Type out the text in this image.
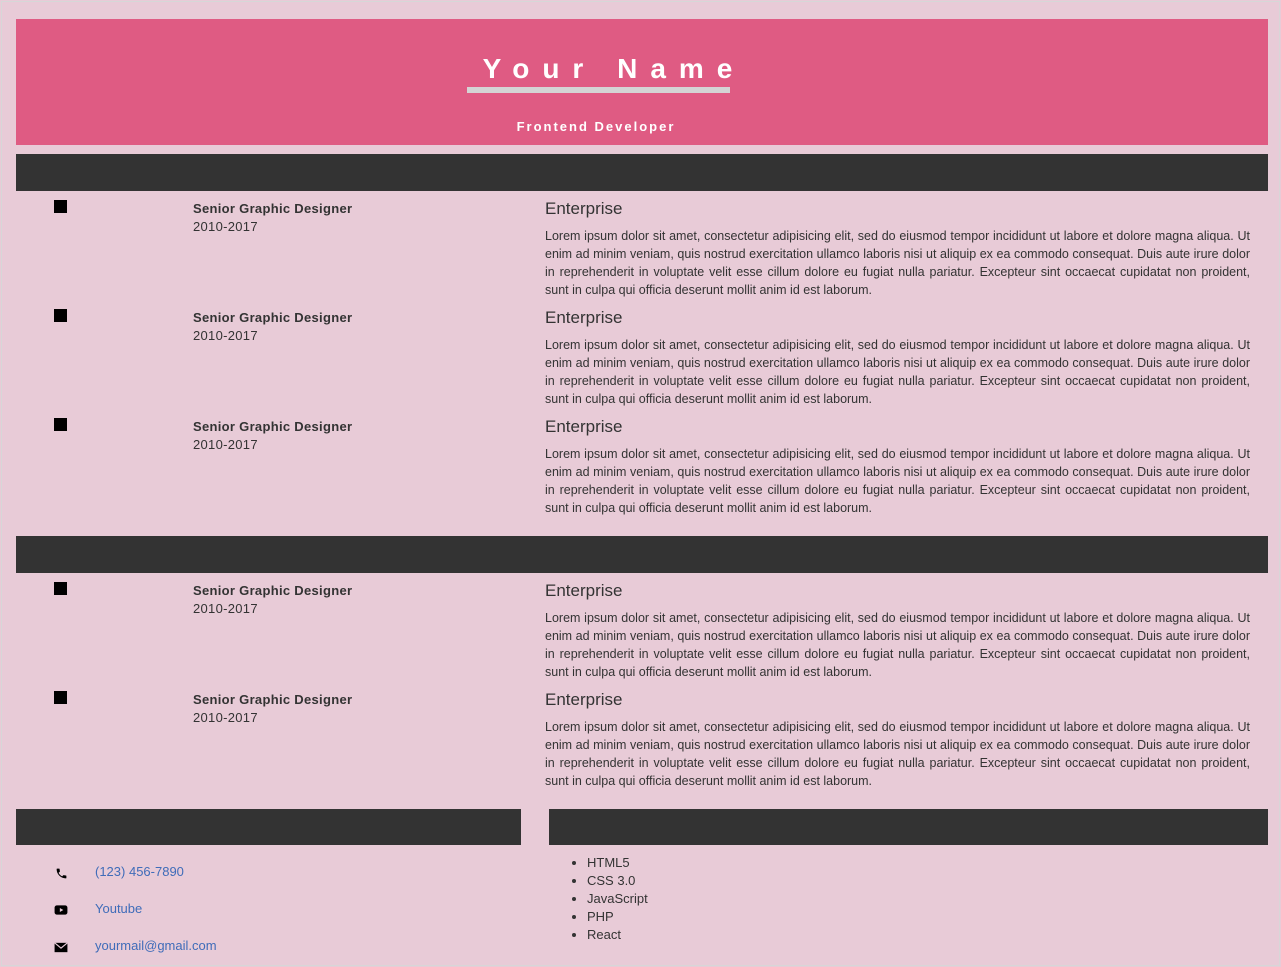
Your Name
Frontend Developer
Senior Graphic Designer
2010-2017
Enterprise
Lorem ipsum dolor sit amet, consectetur adipisicing elit, sed do eiusmod tempor incididunt ut labore et dolore magna aliqua. Ut enim ad minim veniam, quis nostrud exercitation ullamco laboris nisi ut aliquip ex ea commodo consequat. Duis aute irure dolor in reprehenderit in voluptate velit esse cillum dolore eu fugiat nulla pariatur. Excepteur sint occaecat cupidatat non proident, sunt in culpa qui officia deserunt mollit anim id est laborum.
Senior Graphic Designer
2010-2017
Enterprise
Lorem ipsum dolor sit amet, consectetur adipisicing elit, sed do eiusmod tempor incididunt ut labore et dolore magna aliqua. Ut enim ad minim veniam, quis nostrud exercitation ullamco laboris nisi ut aliquip ex ea commodo consequat. Duis aute irure dolor in reprehenderit in voluptate velit esse cillum dolore eu fugiat nulla pariatur. Excepteur sint occaecat cupidatat non proident, sunt in culpa qui officia deserunt mollit anim id est laborum.
Senior Graphic Designer
2010-2017
Enterprise
Lorem ipsum dolor sit amet, consectetur adipisicing elit, sed do eiusmod tempor incididunt ut labore et dolore magna aliqua. Ut enim ad minim veniam, quis nostrud exercitation ullamco laboris nisi ut aliquip ex ea commodo consequat. Duis aute irure dolor in reprehenderit in voluptate velit esse cillum dolore eu fugiat nulla pariatur. Excepteur sint occaecat cupidatat non proident, sunt in culpa qui officia deserunt mollit anim id est laborum.
Senior Graphic Designer
2010-2017
Enterprise
Lorem ipsum dolor sit amet, consectetur adipisicing elit, sed do eiusmod tempor incididunt ut labore et dolore magna aliqua. Ut enim ad minim veniam, quis nostrud exercitation ullamco laboris nisi ut aliquip ex ea commodo consequat. Duis aute irure dolor in reprehenderit in voluptate velit esse cillum dolore eu fugiat nulla pariatur. Excepteur sint occaecat cupidatat non proident, sunt in culpa qui officia deserunt mollit anim id est laborum.
Senior Graphic Designer
2010-2017
Enterprise
Lorem ipsum dolor sit amet, consectetur adipisicing elit, sed do eiusmod tempor incididunt ut labore et dolore magna aliqua. Ut enim ad minim veniam, quis nostrud exercitation ullamco laboris nisi ut aliquip ex ea commodo consequat. Duis aute irure dolor in reprehenderit in voluptate velit esse cillum dolore eu fugiat nulla pariatur. Excepteur sint occaecat cupidatat non proident, sunt in culpa qui officia deserunt mollit anim id est laborum.
(123) 456-7890
Youtube
yourmail@gmail.com
• HTML5
• CSS 3.0
• JavaScript
• PHP
• React
